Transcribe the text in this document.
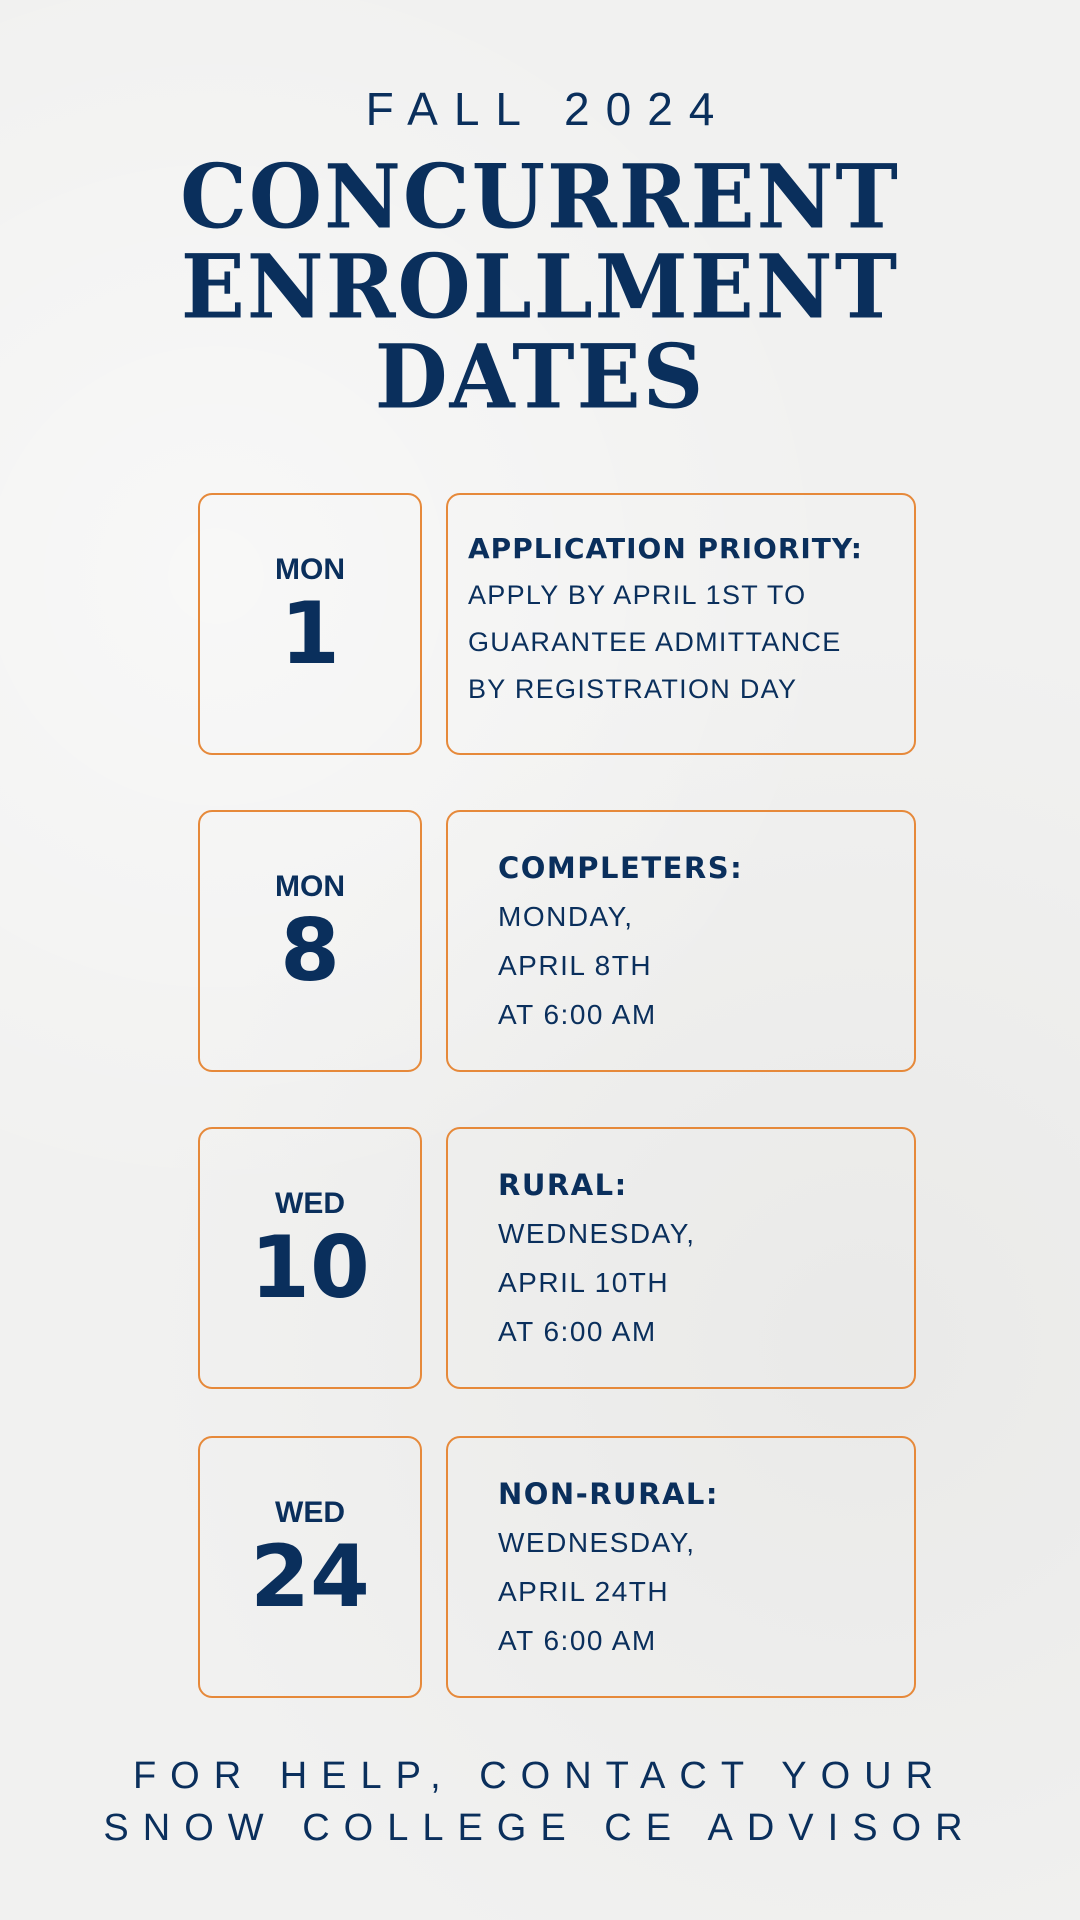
FALL 2024
CONCURRENT
ENROLLMENT
DATES
MON
1
APPLICATION PRIORITY:
APPLY BY APRIL 1ST TO
GUARANTEE ADMITTANCE
BY REGISTRATION DAY
MON
8
COMPLETERS:
MONDAY,
APRIL 8TH
AT 6:00 AM
WED
10
RURAL:
WEDNESDAY,
APRIL 10TH
AT 6:00 AM
WED
24
NON-RURAL:
WEDNESDAY,
APRIL 24TH
AT 6:00 AM
FOR HELP, CONTACT YOUR
SNOW COLLEGE CE ADVISOR
